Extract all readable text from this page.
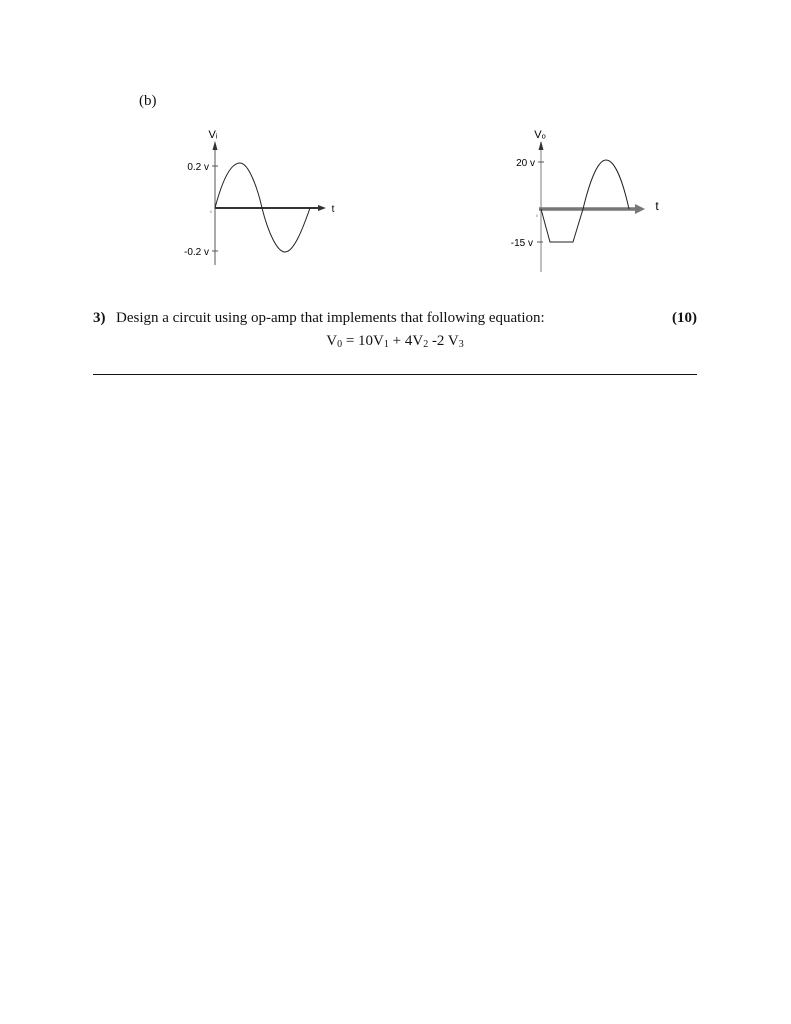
(b)
Vᵢ
t
0.2 v
-0.2 v
0
Vₒ
t
20 v
-15 v
0
3) Design a circuit using op-amp that implements that following equation:	(10)
$V_0 = 10V_1 + 4V_2$ -2 $V_3$
